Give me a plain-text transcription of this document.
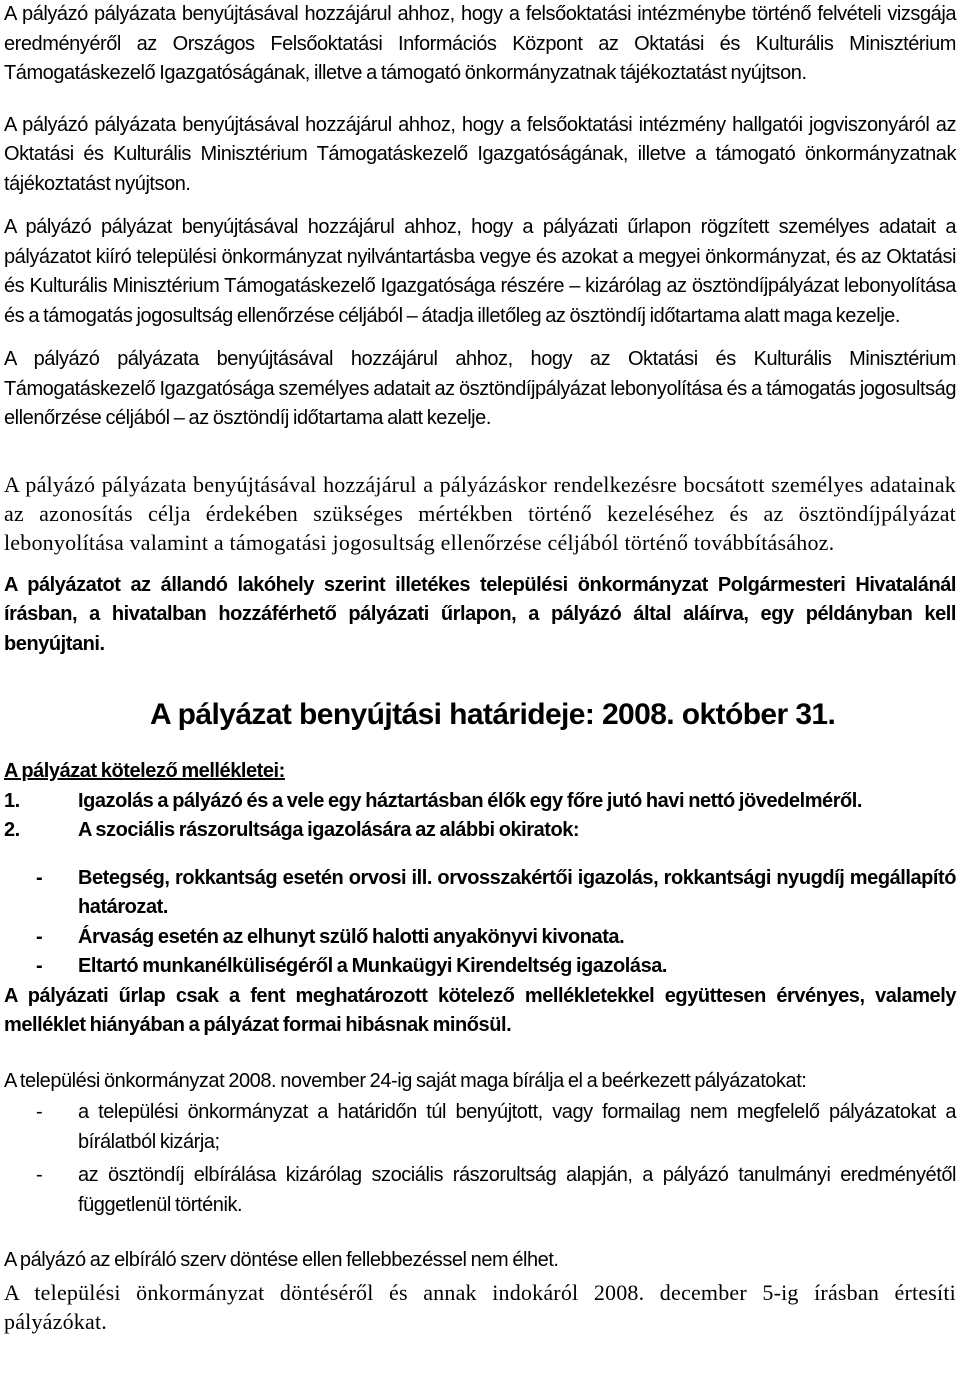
A pályázó pályázata benyújtásával hozzájárul ahhoz, hogy a felsőoktatási intézménybe történő felvételi vizsgája eredményéről az Országos Felsőoktatási Információs Központ az Oktatási és Kulturális Minisztérium Támogatáskezelő Igazgatóságának, illetve a támogató önkormányzatnak tájékoztatást nyújtson.

A pályázó pályázata benyújtásával hozzájárul ahhoz, hogy a felsőoktatási intézmény hallgatói jogviszonyáról az Oktatási és Kulturális Minisztérium Támogatáskezelő Igazgatóságának, illetve a támogató önkormányzatnak tájékoztatást nyújtson.

A pályázó pályázat benyújtásával hozzájárul ahhoz, hogy a pályázati űrlapon rögzített személyes adatait a pályázatot kiíró települési önkormányzat nyilvántartásba vegye és azokat a megyei önkormányzat, és az Oktatási és Kulturális Minisztérium Támogatáskezelő Igazgatósága részére – kizárólag az ösztöndíjpályázat lebonyolítása és a támogatás jogosultság ellenőrzése céljából – átadja illetőleg az ösztöndíj időtartama alatt maga kezelje.

A pályázó pályázata benyújtásával hozzájárul ahhoz, hogy az Oktatási és Kulturális Minisztérium Támogatáskezelő Igazgatósága személyes adatait az ösztöndíjpályázat lebonyolítása és a támogatás jogosultság ellenőrzése céljából – az ösztöndíj időtartama alatt kezelje.

A pályázó pályázata benyújtásával hozzájárul a pályázáskor rendelkezésre bocsátott személyes adatainak az azonosítás célja érdekében szükséges mértékben történő kezeléséhez és az ösztöndíjpályázat lebonyolítása valamint a támogatási jogosultság ellenőrzése céljából történő továbbításához.

A pályázatot az állandó lakóhely szerint illetékes települési önkormányzat Polgármesteri Hivatalánál írásban, a hivatalban hozzáférhető pályázati űrlapon, a pályázó által aláírva, egy példányban kell benyújtani.

A pályázat benyújtási határideje: 2008. október 31.
A pályázat kötelező mellékletei:
1.	Igazolás a pályázó és a vele egy háztartásban élők egy főre jutó havi nettó jövedelméről.
2.	A szociális rászorultsága igazolására az alábbi okiratok:
- Betegség, rokkantság esetén orvosi ill. orvosszakértői igazolás, rokkantsági nyugdíj megállapító határozat.
- Árvaság esetén az elhunyt szülő halotti anyakönyvi kivonata.
- Eltartó munkanélküliségéről a Munkaügyi Kirendeltség igazolása.

A pályázati űrlap csak a fent meghatározott kötelező mellékletekkel együttesen érvényes, valamely melléklet hiányában a pályázat formai hibásnak minősül.

A települési önkormányzat 2008. november 24-ig saját maga bírálja el a beérkezett pályázatokat:

- a települési önkormányzat a határidőn túl benyújtott, vagy formailag nem megfelelő pályázatokat a bírálatból kizárja;
- az ösztöndíj elbírálása kizárólag szociális rászorultság alapján, a pályázó tanulmányi eredményétől függetlenül történik.

A pályázó az elbíráló szerv döntése ellen fellebbezéssel nem élhet.

A települési önkormányzat döntéséről és annak indokáról 2008. december 5-ig írásban értesíti pályázókat.
